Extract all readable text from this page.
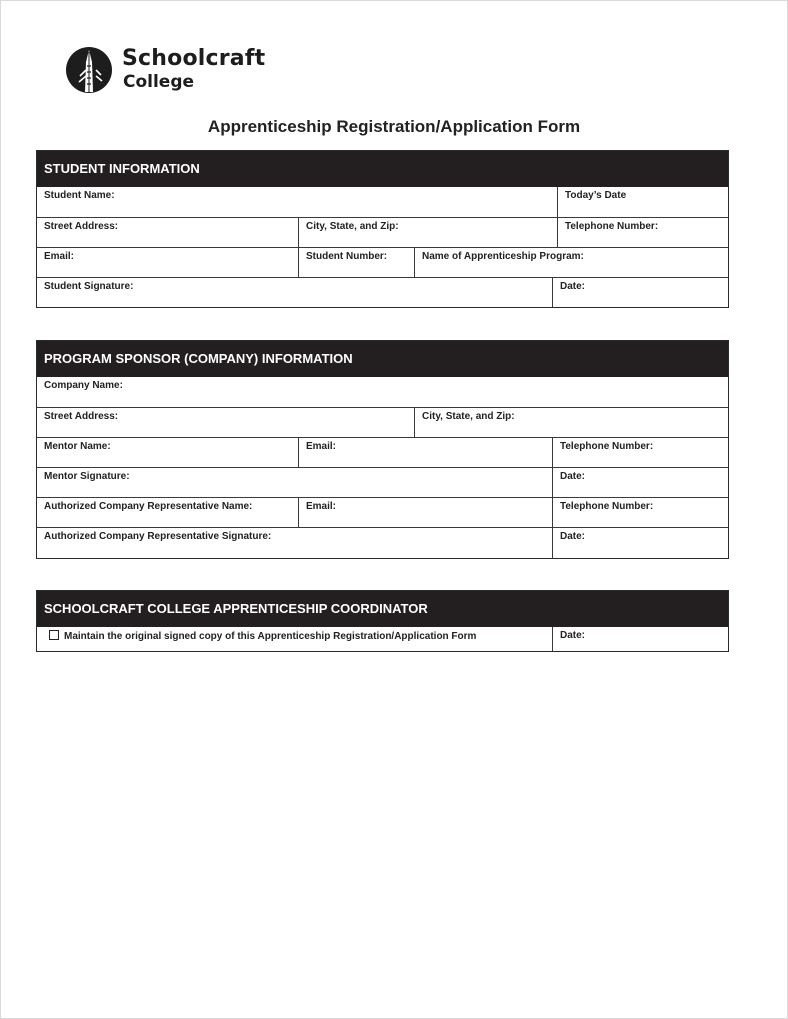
Schoolcraft
College
Apprenticeship Registration/Application Form
STUDENT INFORMATION
Student Name:	Today’s Date
Street Address:	City, State, and Zip:	Telephone Number:
Email:	Student Number:	Name of Apprenticeship Program:
Student Signature:	Date:
PROGRAM SPONSOR (COMPANY) INFORMATION
Company Name:
Street Address:	City, State, and Zip:
Mentor Name:	Email:	Telephone Number:
Mentor Signature:	Date:
Authorized Company Representative Name:	Email:	Telephone Number:
Authorized Company Representative Signature:	Date:
SCHOOLCRAFT COLLEGE APPRENTICESHIP COORDINATOR
Maintain the original signed copy of this Apprenticeship Registration/Application Form	Date:
